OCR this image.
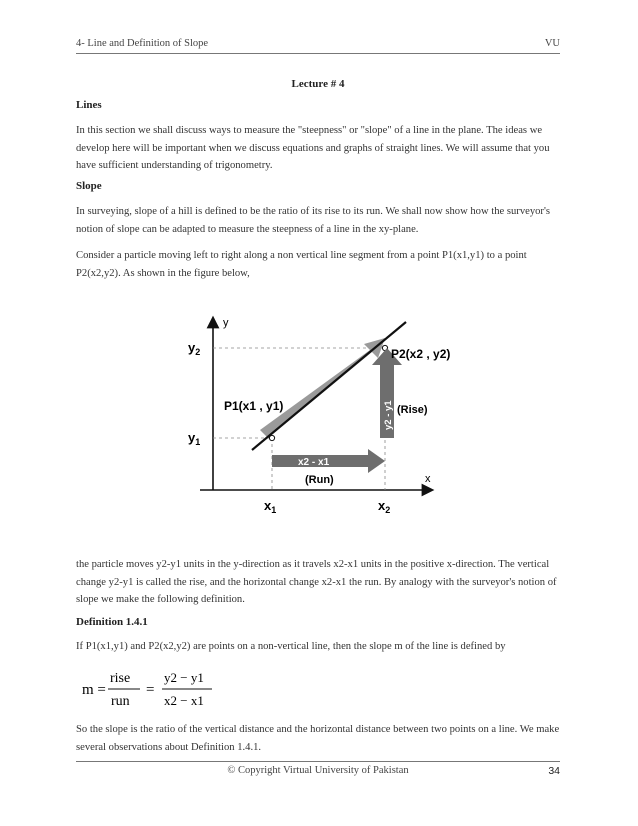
4- Line and Definition of Slope	VU
Lecture # 4
Lines

In this section we shall discuss ways to measure the "steepness" or "slope" of a line in the plane. The ideas we develop here will be important when we discuss equations and graphs of straight lines. We will assume that you have sufficient understanding of trigonometry.

Slope

In surveying, slope of a hill is defined to be the ratio of its rise to its run. We shall now show how the surveyor's notion of slope can be adapted to measure the steepness of a line in the xy-plane.

Consider a particle moving left to right along a non vertical line segment from a point P1(x1,y1) to a point P2(x2,y2). As shown in the figure below,

y
x
$y_2$
$y_1$
$x_1$	$x_2$
y2 - y1 (Rise)
x2 - x1
(Run)
P1(x1 , y1)
P2(x2 , y2)

the particle moves y2-y1 units in the y-direction as it travels x2-x1 units in the positive x-direction. The vertical change y2-y1 is called the rise, and the horizontal change x2-x1 the run. By analogy with the surveyor's notion of slope we make the following definition.

Definition 1.4.1

If P1(x1,y1) and P2(x2,y2) are points on a non-vertical line, then the slope m of the line is defined by

m =
rise
run
=
y2 − y1
x2 − x1

So the slope is the ratio of the vertical distance and the horizontal distance between two points on a line. We make several observations about Definition 1.4.1.

© Copyright Virtual University of Pakistan	34
